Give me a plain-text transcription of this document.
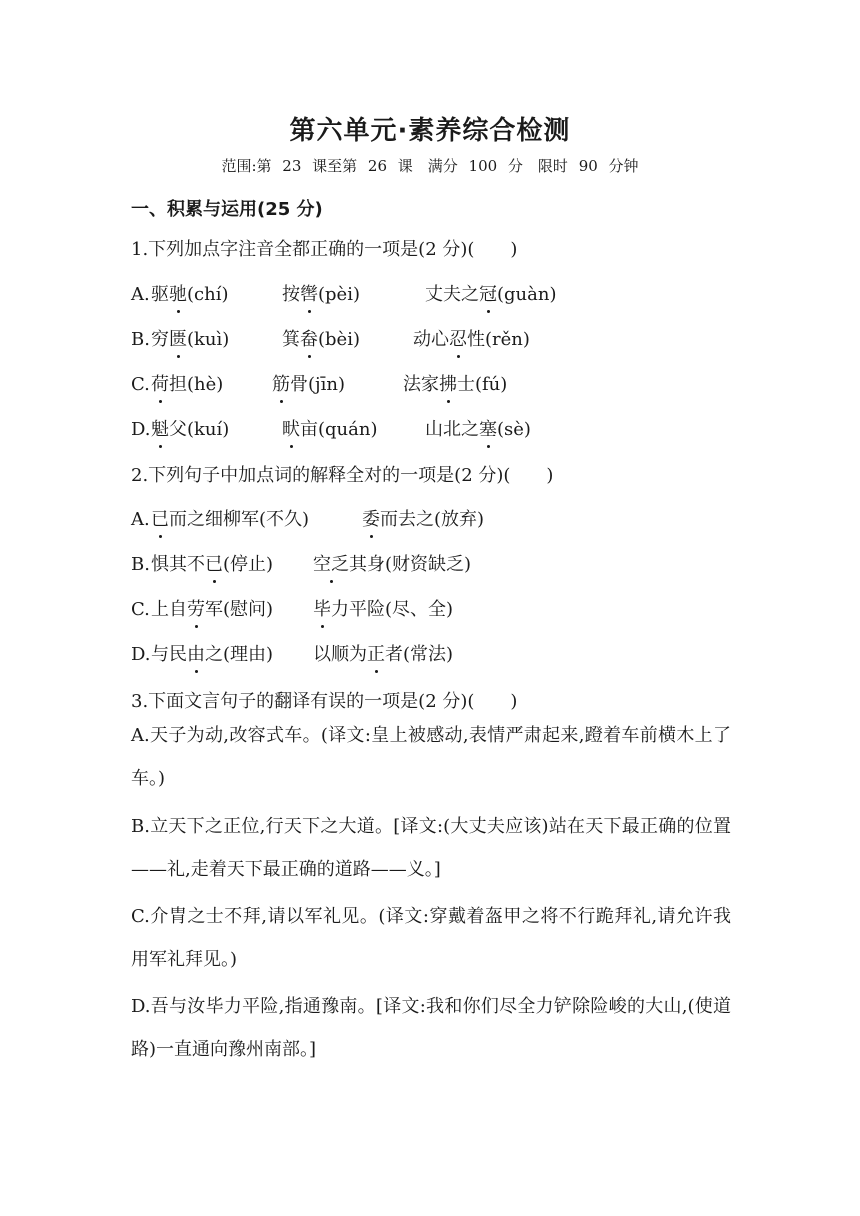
第六单元·素养综合检测
范围:第 23 课至第 26 课　满分 100 分　限时 90 分钟
一、积累与运用(25 分)
1.下列加点字注音全都正确的一项是(2 分)(　　)
A. 驱驰(chí)	按辔(pèi)	丈夫之冠(guàn)
B. 穷匮(kuì)	箕畚(bèi)	动心忍性(rěn)
C. 荷担(hè)	筋骨(jīn)	法家拂士(fú)
D. 魁父(kuí)	畎亩(quán)	山北之塞(sè)
2.下列句子中加点词的解释全对的一项是(2 分)(　　)
A. 已而之细柳军(不久)	委而去之(放弃)
B. 惧其不已(停止) 空乏其身(财资缺乏)
C. 上自劳军(慰问) 毕力平险(尽、全)
D. 与民由之(理由) 以顺为正者(常法)
3.下面文言句子的翻译有误的一项是(2 分)(　　)
A.天子为动,改容式车。(译文:皇上被感动,表情严肃起来,蹬着车前横木上了车。)
B.立天下之正位,行天下之大道。[译文:(大丈夫应该)站在天下最正确的位置——礼,走着天下最正确的道路——义。]
C.介胄之士不拜,请以军礼见。(译文:穿戴着盔甲之将不行跪拜礼,请允许我用军礼拜见。)
D.吾与汝毕力平险,指通豫南。[译文:我和你们尽全力铲除险峻的大山,(使道路)一直通向豫州南部。]
